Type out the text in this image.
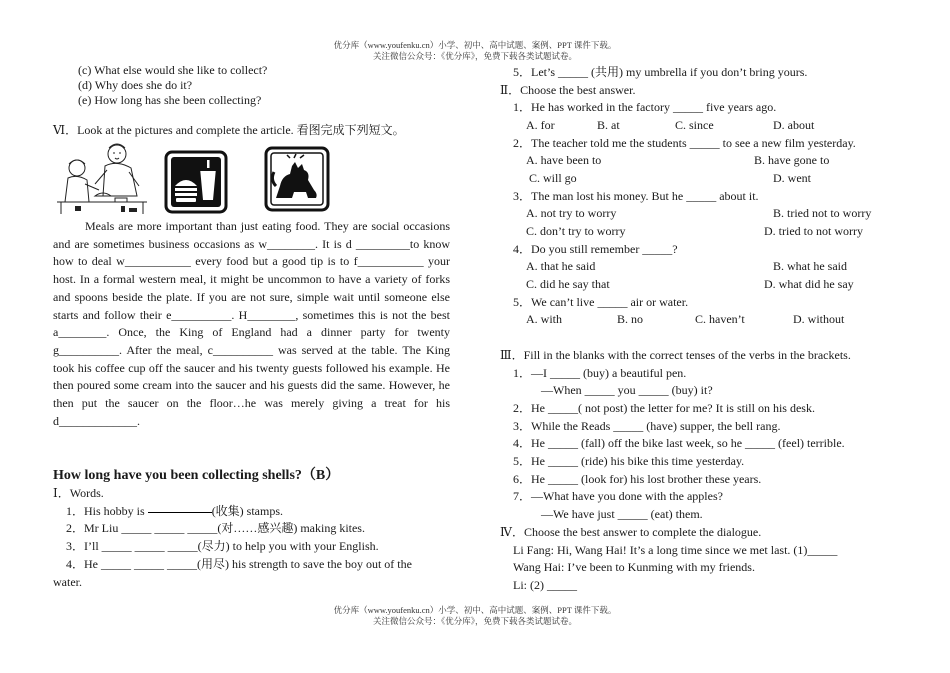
优分库（www.youfenku.cn）小学、初中、高中试题、案例、PPT 课件下载。
关注微信公众号：《优分库》，免费下载各类试题试卷。
(c) What else would she like to collect?
(d) Why does she do it?
(e) How long has she been collecting?
Ⅵ．Look at the pictures and complete the article. 看图完成下列短文。

Meals are more important than just eating food. They are social occasions and are sometimes business occasions as w________. It is d _________to know how to deal w___________ every food but a good tip is to f___________ your host. In a formal western meal, it might be uncommon to have a variety of forks and spoons beside the plate. If you are not sure, simple wait until someone else starts and follow their e__________. H________, sometimes this is not the best a________. Once, the King of England had a dinner party for twenty g__________. After the meal, c__________ was served at the table. The King took his coffee cup off the saucer and his twenty guests followed his example. He then poured some cream into the saucer and his guests did the same. However, he then put the saucer on the floor…he was merely giving a treat for his d_____________.

How long have you been collecting shells?（B）
Ⅰ．Words.
1．His hobby is	(收集) stamps.
2．Mr Liu _____ _____ _____(对……感兴趣) making kites.
3．I’ll _____ _____ _____(尽力) to help you with your English.
4．He _____ _____ _____(用尽) his strength to save the boy out of the
water.
5．Let’s _____ (共用) my umbrella if you don’t bring yours.
Ⅱ．Choose the best answer.
1．He has worked in the factory _____ five years ago.
A. for	B. at	C. since	D. about
2．The teacher told me the students _____ to see a new film yesterday.
A. have been to	B. have gone to
C. will go	D. went
3．The man lost his money. But he _____ about it.
A. not try to worry	B. tried not to worry
C. don’t try to worry	D. tried to not worry
4．Do you still remember _____?
A. that he said	B. what he said
C. did he say that	D. what did he say
5．We can’t live _____ air or water.
A. with	B. no	C. haven’t	D. without
Ⅲ．Fill in the blanks with the correct tenses of the verbs in the brackets.
1．—I _____ (buy) a beautiful pen.
—When _____ you _____ (buy) it?
2．He _____( not post) the letter for me? It is still on his desk.
3．While the Reads _____ (have) supper, the bell rang.
4．He _____ (fall) off the bike last week, so he _____ (feel) terrible.
5．He _____ (ride) his bike this time yesterday.
6．He _____ (look for) his lost brother these years.
7．—What have you done with the apples?
—We have just _____ (eat) them.
Ⅳ．Choose the best answer to complete the dialogue.
Li Fang: Hi, Wang Hai! It’s a long time since we met last. (1)_____
Wang Hai: I’ve been to Kunming with my friends.
Li: (2) _____
优分库（www.youfenku.cn）小学、初中、高中试题、案例、PPT 课件下载。
关注微信公众号：《优分库》，免费下载各类试题试卷。
